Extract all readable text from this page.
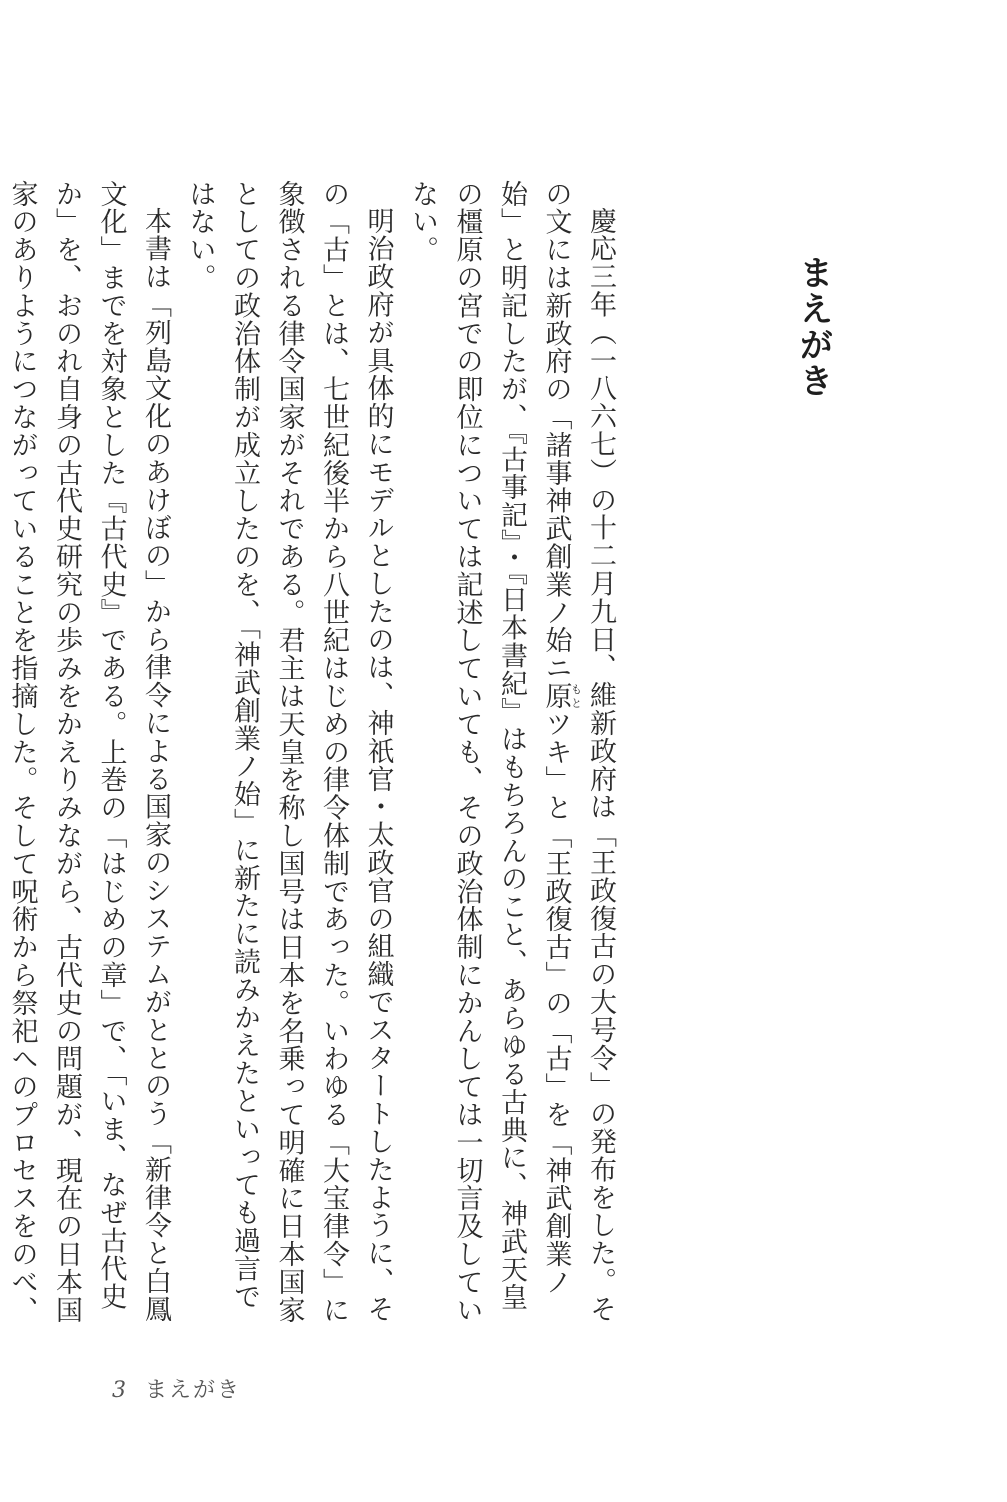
まえがき

慶応三年（一八六七）の十二月九日、維新政府は「王政復古の大号令」の発布をした。その文には新政府の「諸事神武創業ノ始ニ原もとツキ」と「王政復古」の「古」を「神武創業ノ始」と明記したが、『古事記』・『日本書紀』はもちろんのこと、あらゆる古典に、神武天皇の橿原の宮での即位については記述していても、その政治体制にかんしては一切言及していない。

明治政府が具体的にモデルとしたのは、神祇官・太政官の組織でスタートしたように、その「古」とは、七世紀後半から八世紀はじめの律令体制であった。いわゆる「大宝律令」に象徴される律令国家がそれである。君主は天皇を称し国号は日本を名乗って明確に日本国家としての政治体制が成立したのを、「神武創業ノ始」に新たに読みかえたといっても過言ではない。

本書は「列島文化のあけぼの」から律令による国家のシステムがととのう「新律令と白鳳文化」までを対象とした『古代史』である。上巻の「はじめの章」で、「いま、なぜ古代史か」を、おのれ自身の古代史研究の歩みをかえりみながら、古代史の問題が、現在の日本国家のありようにつながっていることを指摘した。そして呪術から祭祀へのプロセスをのべ、

3 まえがき
